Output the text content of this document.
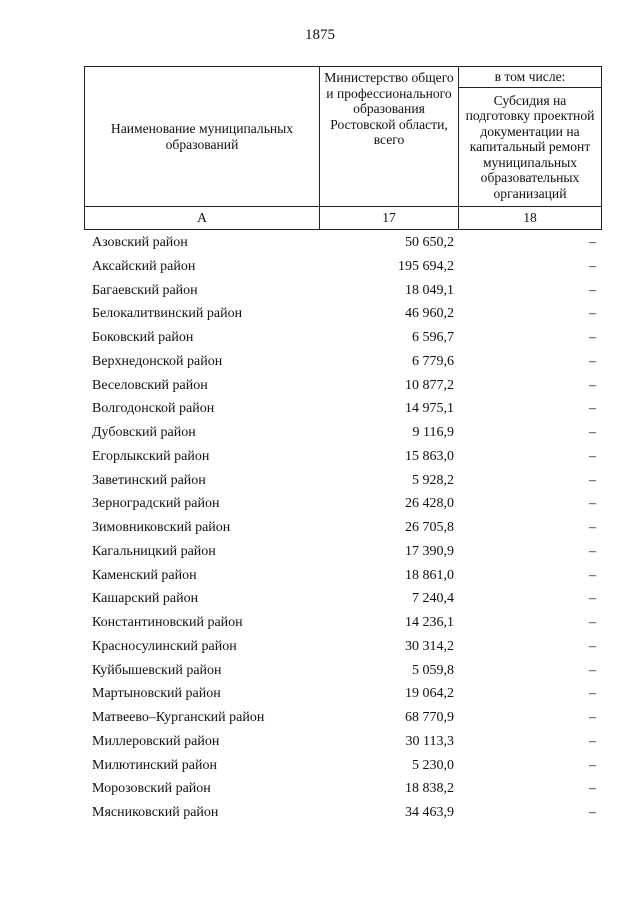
1875
Наименование муниципальных образований	Министерство общего и профессионального образования Ростовской области, всего	в том числе:
		Субсидия на подготовку проектной документации на капитальный ремонт муниципальных образовательных организаций
А	17	18
Азовский район	50 650,2	–
Аксайский район	195 694,2	–
Багаевский район	18 049,1	–
Белокалитвинский район	46 960,2	–
Боковский район	6 596,7	–
Верхнедонской район	6 779,6	–
Веселовский район	10 877,2	–
Волгодонской район	14 975,1	–
Дубовский район	9 116,9	–
Егорлыкский район	15 863,0	–
Заветинский район	5 928,2	–
Зерноградский район	26 428,0	–
Зимовниковский район	26 705,8	–
Кагальницкий район	17 390,9	–
Каменский район	18 861,0	–
Кашарский район	7 240,4	–
Константиновский район	14 236,1	–
Красносулинский район	30 314,2	–
Куйбышевский район	5 059,8	–
Мартыновский район	19 064,2	–
Матвеево–Курганский район	68 770,9	–
Миллеровский район	30 113,3	–
Милютинский район	5 230,0	–
Морозовский район	18 838,2	–
Мясниковский район	34 463,9	–
